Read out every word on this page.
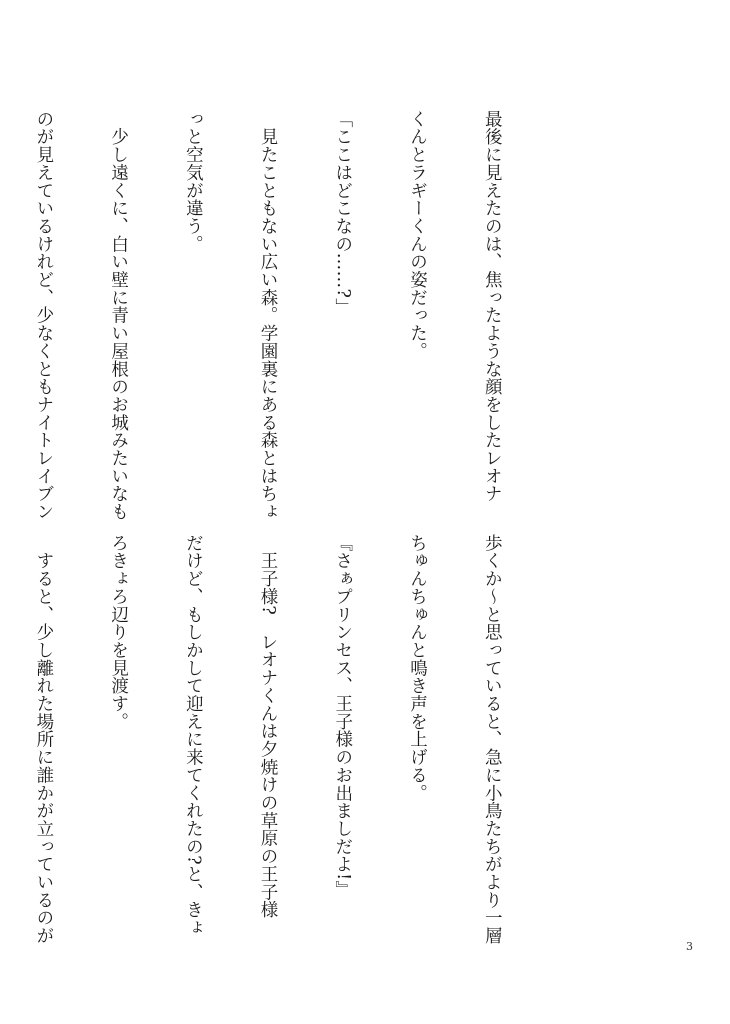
最後に見えたのは、焦ったような顔をしたレオナ

くんとラギーくんの姿だった。

「ここはどこなの……?」

　見たこともない広い森。学園裏にある森とはちょ

っと空気が違う。

　少し遠くに、白い壁に青い屋根のお城みたいなも

のが見えているけれど、少なくともナイトレイブン

歩くか〜と思っていると、急に小鳥たちがより一層

ちゅんちゅんと鳴き声を上げる。

『さぁプリンセス、王子様のお出ましだよ!』

　王子様?　レオナくんは夕焼けの草原の王子様

だけど、もしかして迎えに来てくれたの?と、きょ

ろきょろ辺りを見渡す。

　すると、少し離れた場所に誰かが立っているのが

3
